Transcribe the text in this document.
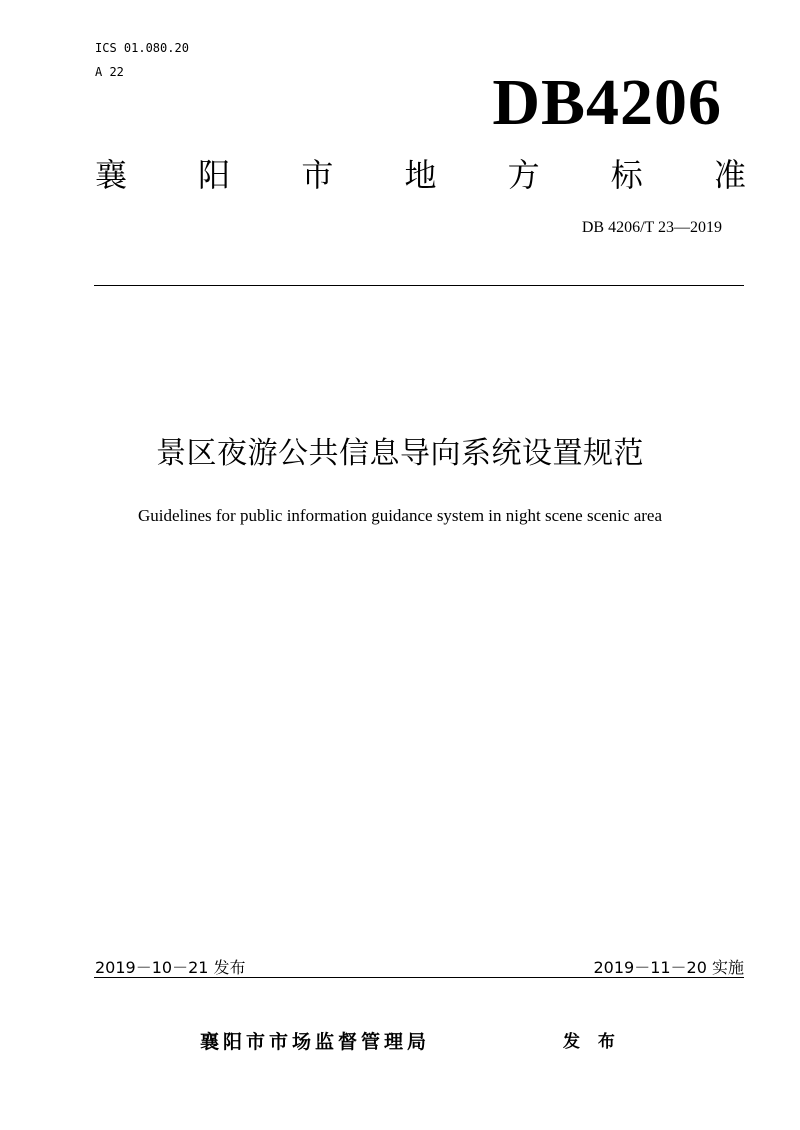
ICS 01.080.20
A 22	DB4206
襄 阳 市 地 方 标 准
DB 4206/T 23—2019
景区夜游公共信息导向系统设置规范
Guidelines for public information guidance system in night scene scenic area
2019－10－21 发布	2019－11－20 实施
襄阳市市场监督管理局	发 布
